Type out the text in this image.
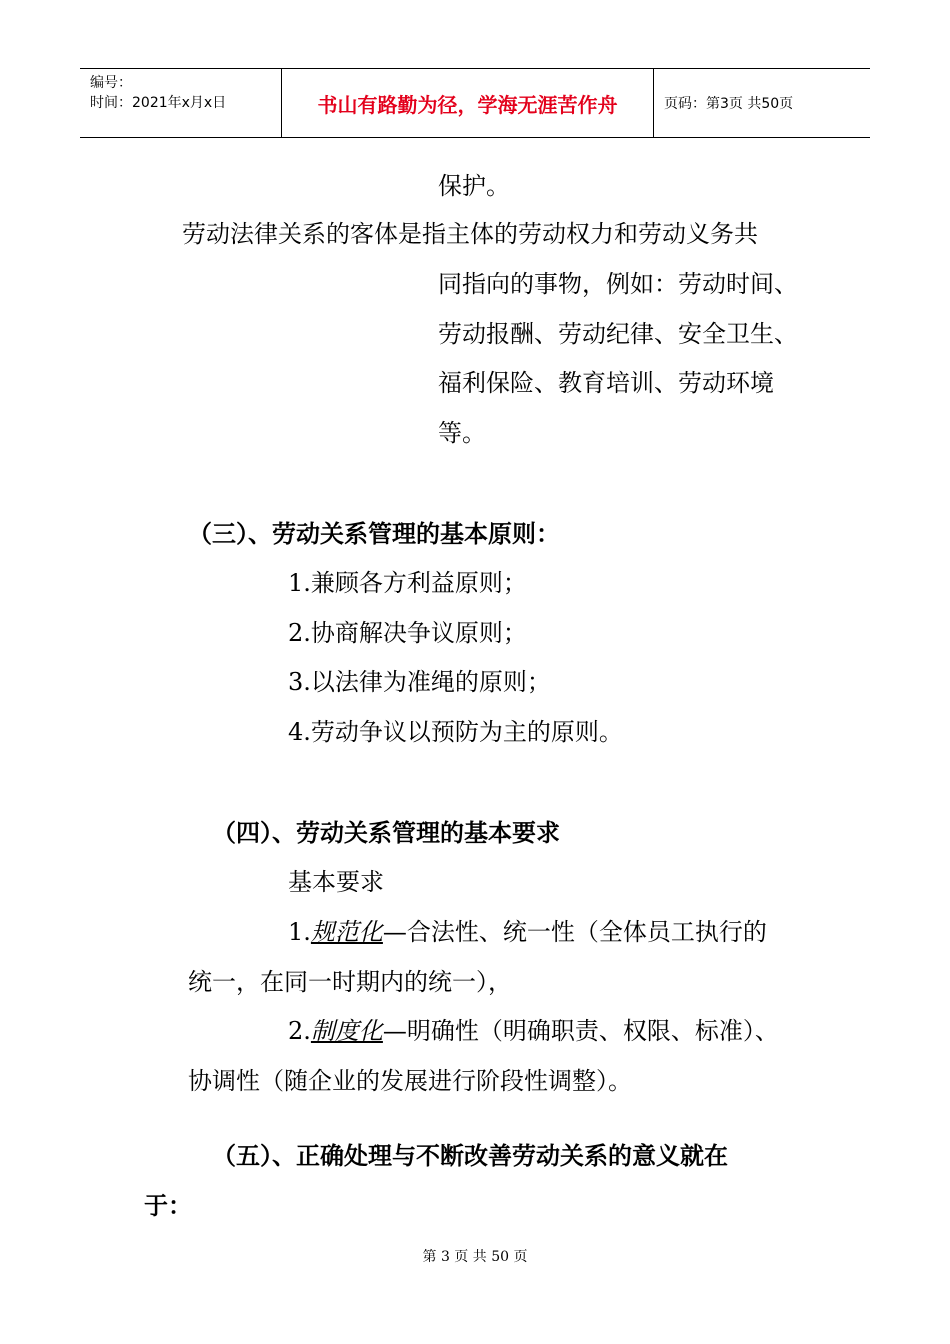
编号：
时间：2021年x月x日	书山有路勤为径，学海无涯苦作舟	页码：第3页 共50页
保护。
劳动法律关系的客体是指主体的劳动权力和劳动义务共
同指向的事物，例如：劳动时间、
劳动报酬、劳动纪律、安全卫生、
福利保险、教育培训、劳动环境
等。
（三）、劳动关系管理的基本原则：
1.兼顾各方利益原则；
2.协商解决争议原则；
3.以法律为准绳的原则；
4.劳动争议以预防为主的原则。
（四）、劳动关系管理的基本要求
基本要求
1.规范化—合法性、统一性（全体员工执行的
统一，在同一时期内的统一），
2.制度化—明确性（明确职责、权限、标准）、
协调性（随企业的发展进行阶段性调整）。
（五）、正确处理与不断改善劳动关系的意义就在
于：
第 3 页 共 50 页
